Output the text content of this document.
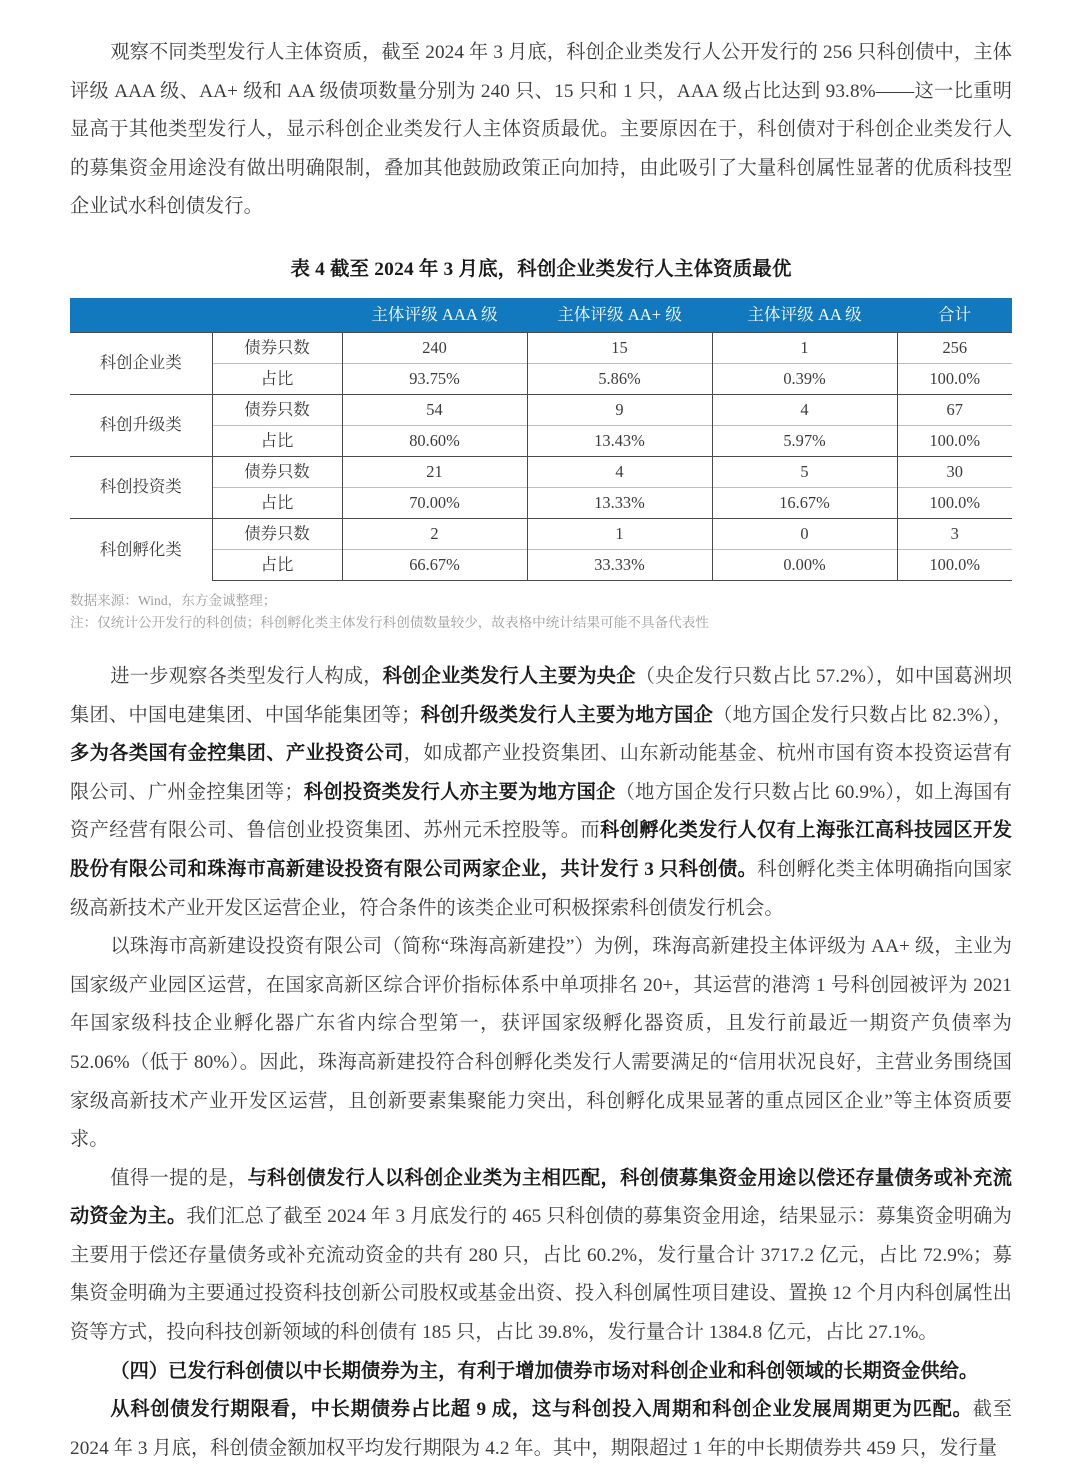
观察不同类型发行人主体资质，截至 2024 年 3 月底，科创企业类发行人公开发行的 256 只科创债中，主体评级 AAA 级、AA+ 级和 AA 级债项数量分别为 240 只、15 只和 1 只，AAA 级占比达到 93.8%——这一比重明显高于其他类型发行人，显示科创企业类发行人主体资质最优。主要原因在于，科创债对于科创企业类发行人的募集资金用途没有做出明确限制，叠加其他鼓励政策正向加持，由此吸引了大量科创属性显著的优质科技型企业试水科创债发行。

表 4 截至 2024 年 3 月底，科创企业类发行人主体资质最优
		主体评级 AAA 级	主体评级 AA+ 级	主体评级 AA 级	合计
科创企业类	债券只数	240	15	1	256
	占比	93.75%	5.86%	0.39%	100.0%
科创升级类	债券只数	54	9	4	67
	占比	80.60%	13.43%	5.97%	100.0%
科创投资类	债券只数	21	4	5	30
	占比	70.00%	13.33%	16.67%	100.0%
科创孵化类	债券只数	2	1	0	3
	占比	66.67%	33.33%	0.00%	100.0%
数据来源：Wind，东方金诚整理；
注：仅统计公开发行的科创债；科创孵化类主体发行科创债数量较少，故表格中统计结果可能不具备代表性

进一步观察各类型发行人构成，科创企业类发行人主要为央企（央企发行只数占比 57.2%），如中国葛洲坝集团、中国电建集团、中国华能集团等；科创升级类发行人主要为地方国企（地方国企发行只数占比 82.3%），多为各类国有金控集团、产业投资公司，如成都产业投资集团、山东新动能基金、杭州市国有资本投资运营有限公司、广州金控集团等；科创投资类发行人亦主要为地方国企（地方国企发行只数占比 60.9%），如上海国有资产经营有限公司、鲁信创业投资集团、苏州元禾控股等。而科创孵化类发行人仅有上海张江高科技园区开发股份有限公司和珠海市高新建设投资有限公司两家企业，共计发行 3 只科创债。科创孵化类主体明确指向国家级高新技术产业开发区运营企业，符合条件的该类企业可积极探索科创债发行机会。

以珠海市高新建设投资有限公司（简称“珠海高新建投”）为例，珠海高新建投主体评级为 AA+ 级，主业为国家级产业园区运营，在国家高新区综合评价指标体系中单项排名 20+，其运营的港湾 1 号科创园被评为 2021 年国家级科技企业孵化器广东省内综合型第一，获评国家级孵化器资质，且发行前最近一期资产负债率为 52.06%（低于 80%）。因此，珠海高新建投符合科创孵化类发行人需要满足的“信用状况良好，主营业务围绕国家级高新技术产业开发区运营，且创新要素集聚能力突出，科创孵化成果显著的重点园区企业”等主体资质要求。

值得一提的是，与科创债发行人以科创企业类为主相匹配，科创债募集资金用途以偿还存量债务或补充流动资金为主。我们汇总了截至 2024 年 3 月底发行的 465 只科创债的募集资金用途，结果显示：募集资金明确为主要用于偿还存量债务或补充流动资金的共有 280 只，占比 60.2%，发行量合计 3717.2 亿元，占比 72.9%；募集资金明确为主要通过投资科技创新公司股权或基金出资、投入科创属性项目建设、置换 12 个月内科创属性出资等方式，投向科技创新领域的科创债有 185 只，占比 39.8%，发行量合计 1384.8 亿元，占比 27.1%。

（四）已发行科创债以中长期债券为主，有利于增加债券市场对科创企业和科创领域的长期资金供给。

从科创债发行期限看，中长期债券占比超 9 成，这与科创投入周期和科创企业发展周期更为匹配。截至 2024 年 3 月底，科创债金额加权平均发行期限为 4.2 年。其中，期限超过 1 年的中长期债券共 459 只，发行量
